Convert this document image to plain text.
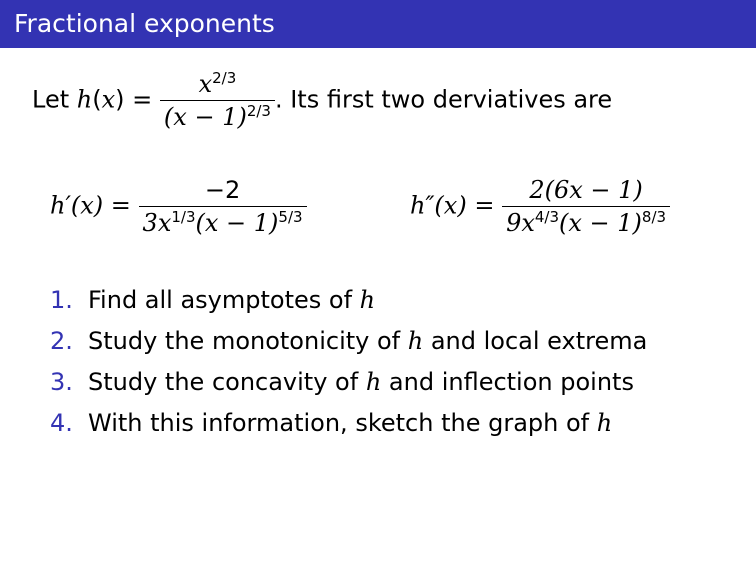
Fractional exponents
Let $h(x) = \frac{x^{2/3}}{(x - 1)^{2/3}}$ . Its first two derviatives are
$h'(x) = \frac{-2}{3x^{1/3}(x - 1)^{5/3}}$	$h''(x) = \frac{2(6x - 1)}{9x^{4/3}(x - 1)^{8/3}}$
1. Find all asymptotes of h
2. Study the monotonicity of h and local extrema
3. Study the concavity of h and inflection points
4. With this information, sketch the graph of h
